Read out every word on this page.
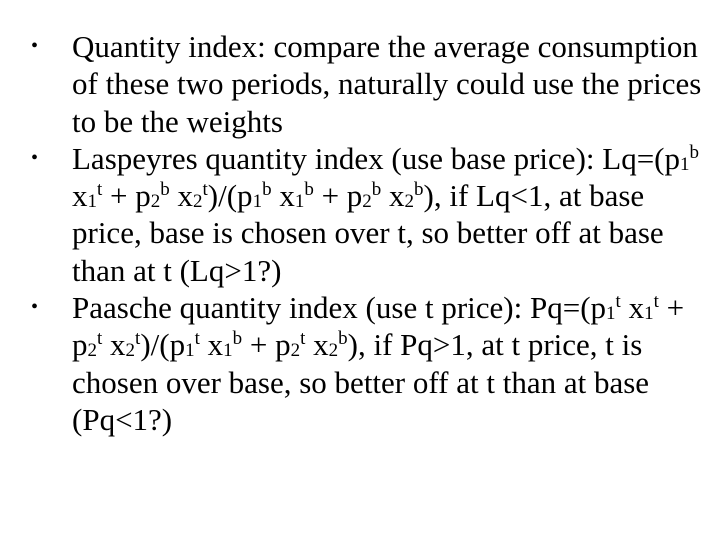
•	Quantity index: compare the average consumption of these two periods, naturally could use the prices to be the weights
•	Laspeyres quantity index (use base price): $Lq=(p_1^b$ $x_1^t + p_2^b$ $x_2^t)/(p_1^b$ $x_1^b + p_2^b$ $x_2^b$), if Lq<1, at base price, base is chosen over t, so better off at base than at t (Lq>1?)
•	Paasche quantity index (use t price): $Pq=(p_1^t$ $x_1^t + p_2^t$ $x_2^t)/(p_1^t$ $x_1^b + p_2^t$ $x_2^b$), if Pq>1, at t price, t is chosen over base, so better off at t than at base (Pq<1?)
